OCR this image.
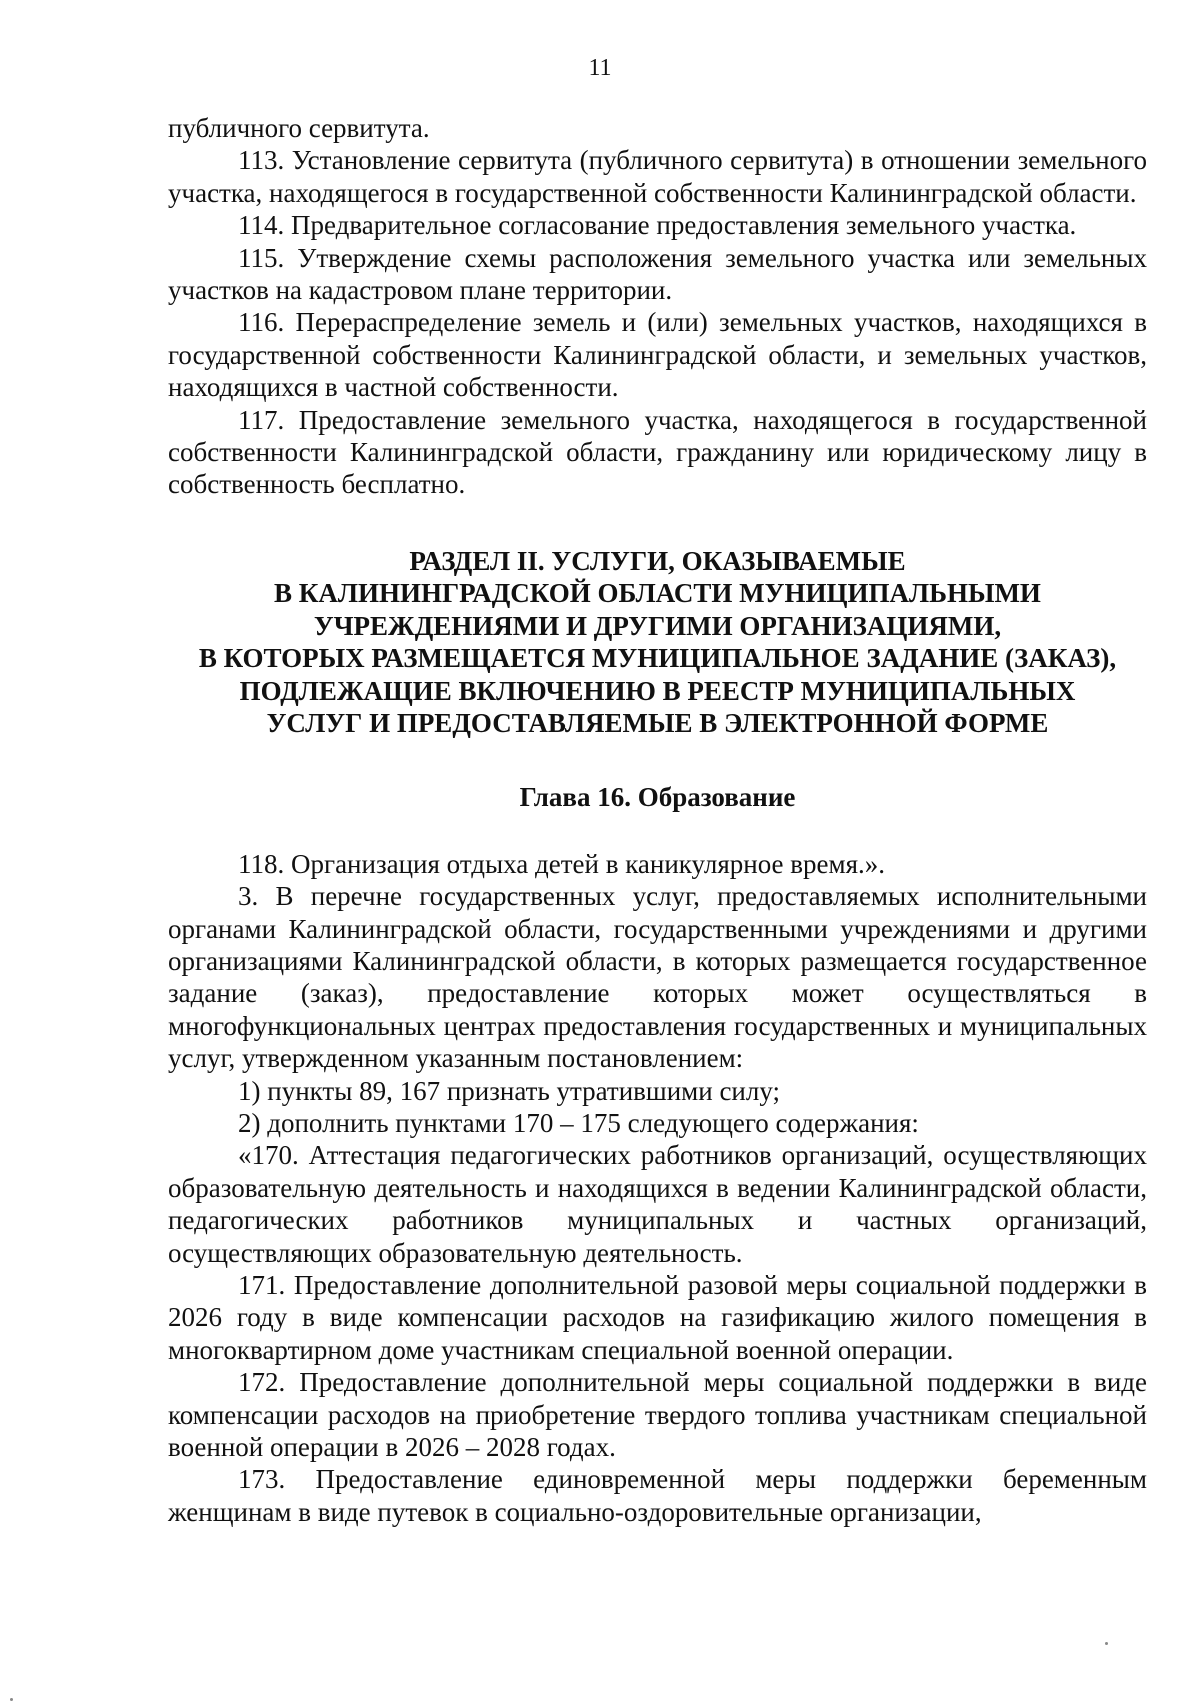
11

публичного сервитута.

113. Установление сервитута (публичного сервитута) в отношении земельного участка, находящегося в государственной собственности Калининградской области.

114. Предварительное согласование предоставления земельного участка.

115. Утверждение схемы расположения земельного участка или земельных участков на кадастровом плане территории.

116. Перераспределение земель и (или) земельных участков, находящихся в государственной собственности Калининградской области, и земельных участков, находящихся в частной собственности.

117. Предоставление земельного участка, находящегося в государственной собственности Калининградской области, гражданину или юридическому лицу в собственность бесплатно.

РАЗДЕЛ II. УСЛУГИ, ОКАЗЫВАЕМЫЕ
В КАЛИНИНГРАДСКОЙ ОБЛАСТИ МУНИЦИПАЛЬНЫМИ
УЧРЕЖДЕНИЯМИ И ДРУГИМИ ОРГАНИЗАЦИЯМИ,
В КОТОРЫХ РАЗМЕЩАЕТСЯ МУНИЦИПАЛЬНОЕ ЗАДАНИЕ (ЗАКАЗ),
ПОДЛЕЖАЩИЕ ВКЛЮЧЕНИЮ В РЕЕСТР МУНИЦИПАЛЬНЫХ
УСЛУГ И ПРЕДОСТАВЛЯЕМЫЕ В ЭЛЕКТРОННОЙ ФОРМЕ
Глава 16. Образование

118. Организация отдыха детей в каникулярное время.».

3. В перечне государственных услуг, предоставляемых исполнительными органами Калининградской области, государственными учреждениями и другими организациями Калининградской области, в которых размещается государственное задание (заказ), предоставление которых может осуществляться в многофункциональных центрах предоставления государственных и муниципальных услуг, утвержденном указанным постановлением:

1) пункты 89, 167 признать утратившими силу;

2) дополнить пунктами 170 – 175 следующего содержания:

«170. Аттестация педагогических работников организаций, осуществляющих образовательную деятельность и находящихся в ведении Калининградской области, педагогических работников муниципальных и частных организаций, осуществляющих образовательную деятельность.

171. Предоставление дополнительной разовой меры социальной поддержки в 2026 году в виде компенсации расходов на газификацию жилого помещения в многоквартирном доме участникам специальной военной операции.

172. Предоставление дополнительной меры социальной поддержки в виде компенсации расходов на приобретение твердого топлива участникам специальной военной операции в 2026 – 2028 годах.

173. Предоставление единовременной меры поддержки беременным женщинам в виде путевок в социально-оздоровительные организации,
